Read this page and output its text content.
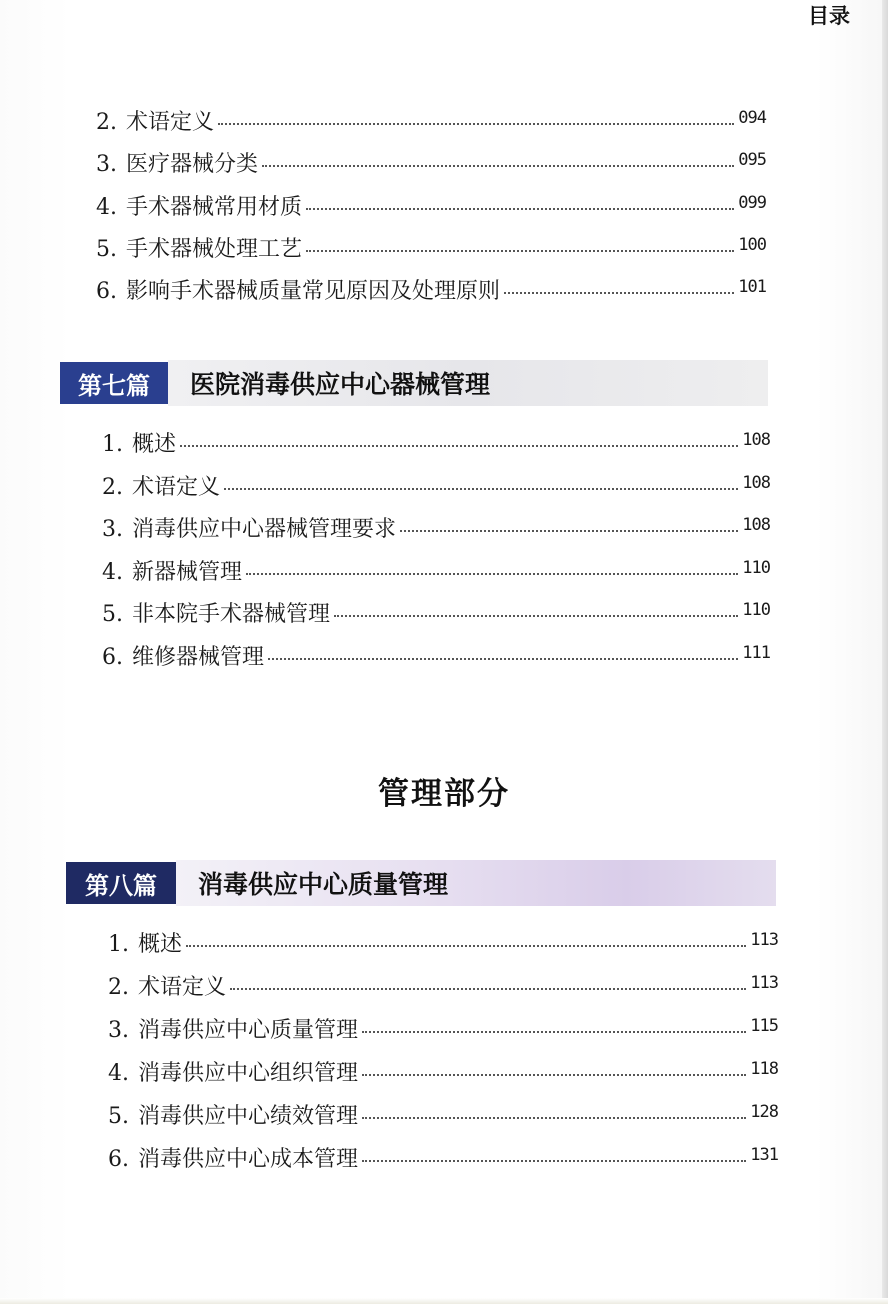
目录
2. 术语定义	094
3. 医疗器械分类	095
4. 手术器械常用材质	099
5. 手术器械处理工艺	100
6. 影响手术器械质量常见原因及处理原则	101
第七篇	医院消毒供应中心器械管理
1. 概述	108
2. 术语定义	108
3. 消毒供应中心器械管理要求	108
4. 新器械管理	110
5. 非本院手术器械管理	110
6. 维修器械管理	111
管理部分
第八篇	消毒供应中心质量管理
1. 概述	113
2. 术语定义	113
3. 消毒供应中心质量管理	115
4. 消毒供应中心组织管理	118
5. 消毒供应中心绩效管理	128
6. 消毒供应中心成本管理	131
